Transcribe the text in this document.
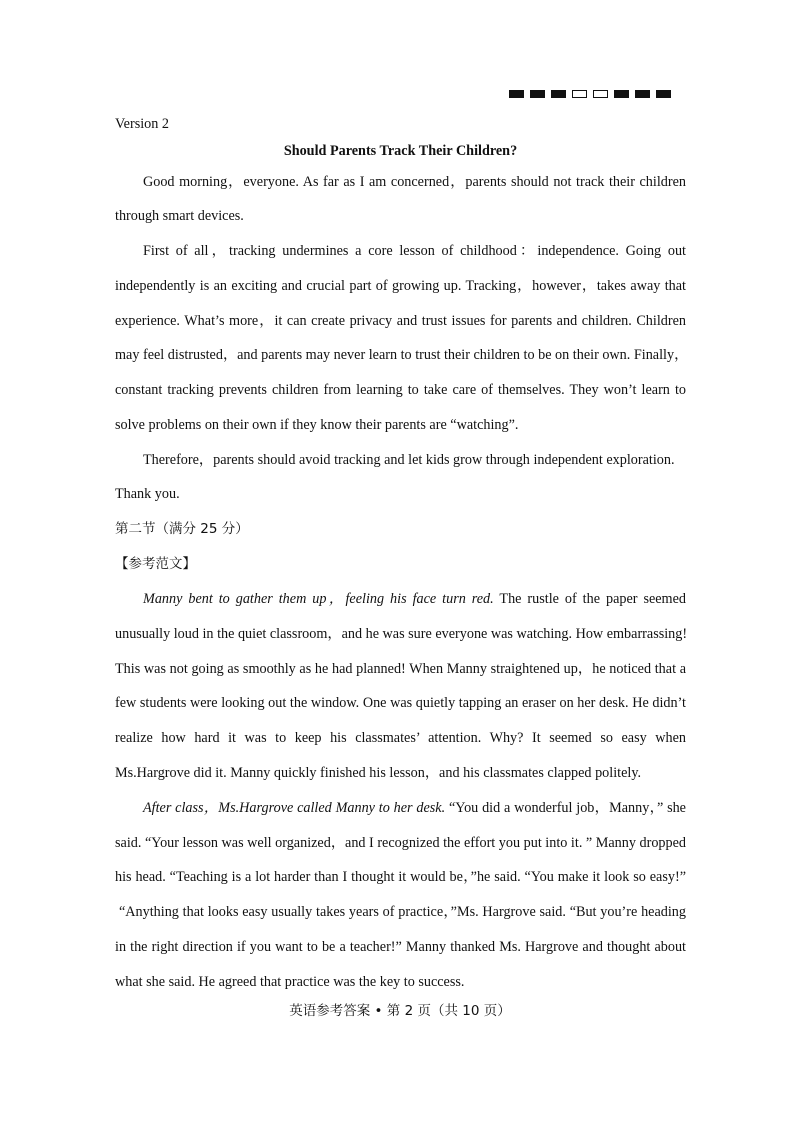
Version 2
Should Parents Track Their Children?
Good morning，everyone. As far as I am concerned，parents should not track their children
through smart devices.
First of all，tracking undermines a core lesson of childhood：independence. Going out
independently is an exciting and crucial part of growing up. Tracking，however，takes away that
experience. What’s more，it can create privacy and trust issues for parents and children. Children
may feel distrusted，and parents may never learn to trust their children to be on their own. Finally，
constant tracking prevents children from learning to take care of themselves. They won’t learn to
solve problems on their own if they know their parents are “watching”.
Therefore，parents should avoid tracking and let kids grow through independent exploration.
Thank you.
第二节（满分 25 分）
【参考范文】
Manny bent to gather them up，feeling his face turn red. The rustle of the paper seemed
unusually loud in the quiet classroom，and he was sure everyone was watching. How embarrassing!
This was not going as smoothly as he had planned! When Manny straightened up，he noticed that a
few students were looking out the window. One was quietly tapping an eraser on her desk. He didn’t
realize how hard it was to keep his classmates’ attention. Why? It seemed so easy when
Ms.Hargrove did it. Manny quickly finished his lesson，and his classmates clapped politely.
After class，Ms.Hargrove called Manny to her desk. “You did a wonderful job，Manny，” she
said. “Your lesson was well organized，and I recognized the effort you put into it. ” Manny dropped
his head. “Teaching is a lot harder than I thought it would be，”he said. “You make it look so easy!”
“Anything that looks easy usually takes years of practice，”Ms. Hargrove said. “But you’re heading
in the right direction if you want to be a teacher!” Manny thanked Ms. Hargrove and thought about
what she said. He agreed that practice was the key to success.
英语参考答案 • 第 2 页（共 10 页）
